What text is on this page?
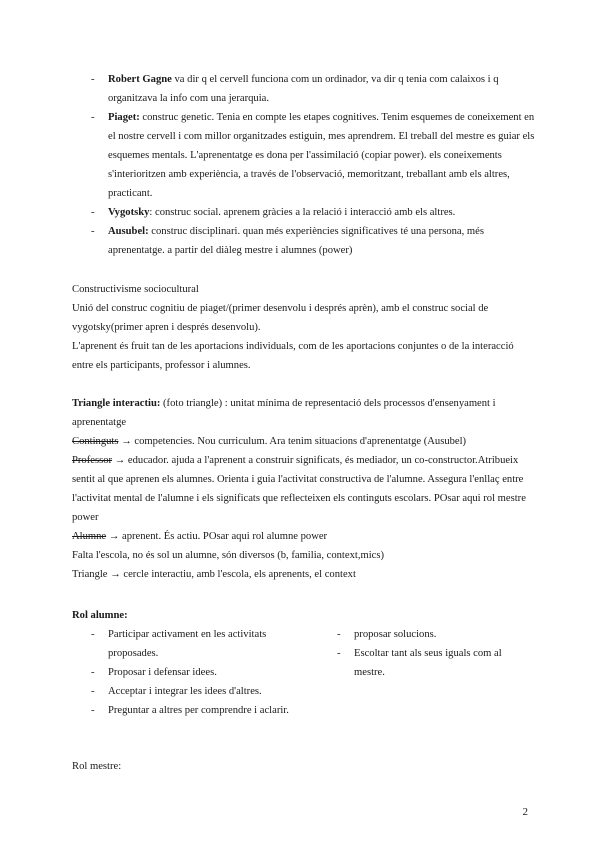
- Robert Gagne va dir q el cervell funciona com un ordinador, va dir q tenia com calaixos i q organitzava la info com una jerarquia.
- Piaget: construc genetic. Tenia en compte les etapes cognitives. Tenim esquemes de coneixement en el nostre cervell i com millor organitzades estiguin, mes aprendrem. El treball del mestre es guiar els esquemes mentals. L'aprenentatge es dona per l'assimilació (copiar power). els coneixements s'interioritzen amb experiència, a través de l'observació, memoritzant, treballant amb els altres, practicant.
- Vygotsky: construc social. aprenem gràcies a la relació i interacció amb els altres.
- Ausubel: construc disciplinari. quan més experiències significatives té una persona, més aprenentatge. a partir del diàleg mestre i alumnes (power)
Constructivisme sociocultural
Unió del construc cognitiu de piaget/(primer desenvolu i després aprèn), amb el construc social de vygotsky(primer apren i després desenvolu).
L'aprenent és fruit tan de les aportacions individuals, com de les aportacions conjuntes o de la interacció entre els participants, professor i alumnes.
Triangle interactiu: (foto triangle) : unitat mínima de representació dels processos d'ensenyament i aprenentatge
Continguts → competencies. Nou curriculum. Ara tenim situacions d'aprenentatge (Ausubel)
Professor → educador. ajuda a l'aprenent a construir significats, és mediador, un co-constructor.Atribueix sentit al que aprenen els alumnes. Orienta i guia l'activitat constructiva de l'alumne. Assegura l'enllaç entre l'activitat mental de l'alumne i els significats que reflecteixen els continguts escolars. POsar aqui rol mestre power
Alumne → aprenent. És actiu. POsar aqui rol alumne power
Falta l'escola, no és sol un alumne, són diversos (b, familia, context,mics)
Triangle → cercle interactiu, amb l'escola, els aprenents, el context
Rol alumne:
- Participar activament en les activitats proposades.
- Proposar i defensar idees.
- Acceptar i integrar les idees d'altres.
- Preguntar a altres per comprendre i aclarir.
- proposar solucions.
- Escoltar tant als seus iguals com al mestre.
Rol mestre:
2
